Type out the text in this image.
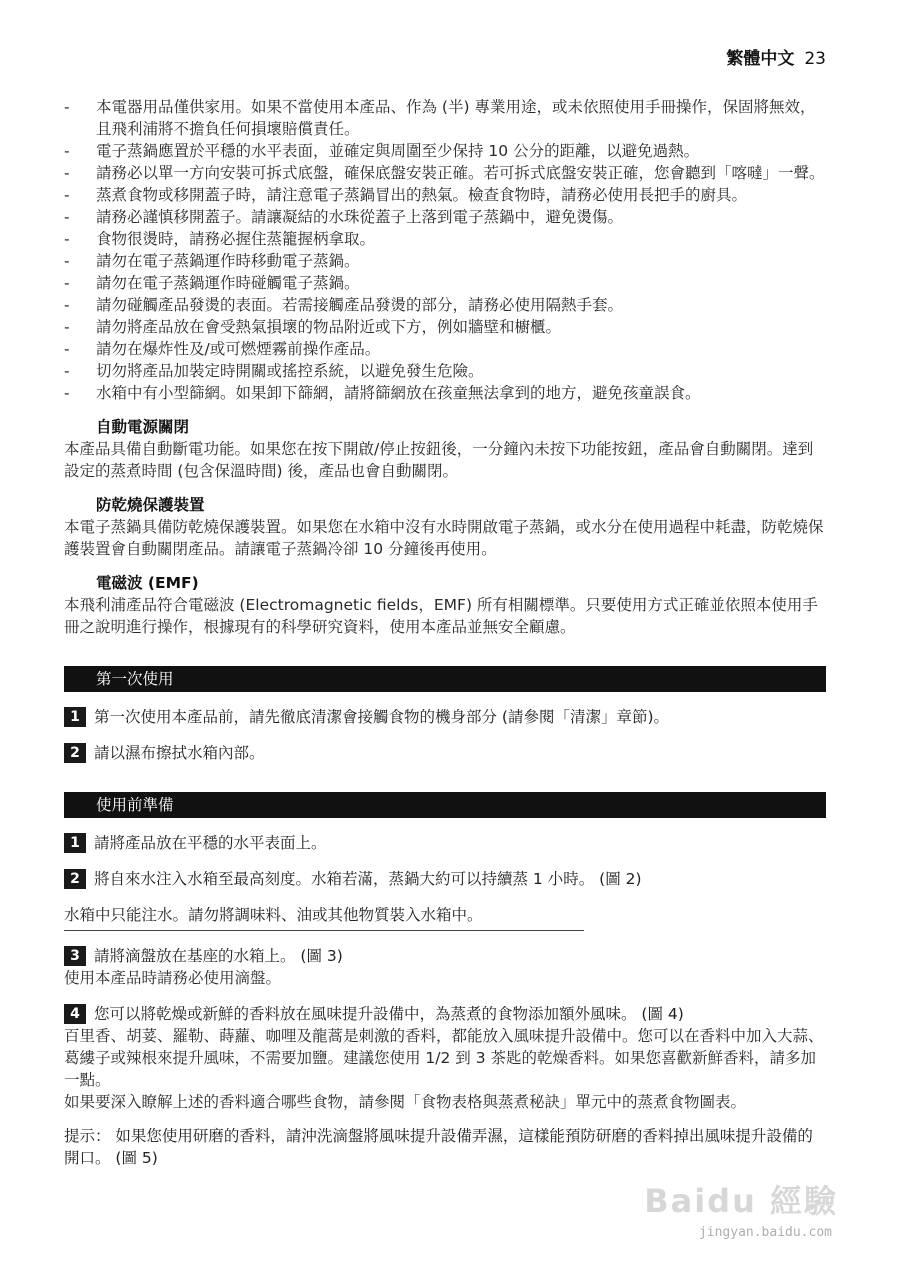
繁體中文 23
- 本電器用品僅供家用。如果不當使用本產品、作為 (半) 專業用途，或未依照使用手冊操作，保固將無效，且飛利浦將不擔負任何損壞賠償責任。
- 電子蒸鍋應置於平穩的水平表面，並確定與周圍至少保持 10 公分的距離，以避免過熱。
- 請務必以單一方向安裝可拆式底盤，確保底盤安裝正確。若可拆式底盤安裝正確，您會聽到「喀噠」一聲。
- 蒸煮食物或移開蓋子時，請注意電子蒸鍋冒出的熱氣。檢查食物時，請務必使用長把手的廚具。
- 請務必謹慎移開蓋子。請讓凝結的水珠從蓋子上落到電子蒸鍋中，避免燙傷。
- 食物很燙時，請務必握住蒸籠握柄拿取。
- 請勿在電子蒸鍋運作時移動電子蒸鍋。
- 請勿在電子蒸鍋運作時碰觸電子蒸鍋。
- 請勿碰觸產品發燙的表面。若需接觸產品發燙的部分，請務必使用隔熱手套。
- 請勿將產品放在會受熱氣損壞的物品附近或下方，例如牆壁和櫥櫃。
- 請勿在爆炸性及/或可燃煙霧前操作產品。
- 切勿將產品加裝定時開關或搖控系統，以避免發生危險。
- 水箱中有小型篩網。如果卸下篩網，請將篩網放在孩童無法拿到的地方，避免孩童誤食。
自動電源關閉

本產品具備自動斷電功能。如果您在按下開啟/停止按鈕後，一分鐘內未按下功能按鈕，產品會自動關閉。達到設定的蒸煮時間 (包含保溫時間) 後，產品也會自動關閉。

防乾燒保護裝置

本電子蒸鍋具備防乾燒保護裝置。如果您在水箱中沒有水時開啟電子蒸鍋，或水分在使用過程中耗盡，防乾燒保護裝置會自動關閉產品。請讓電子蒸鍋冷卻 10 分鐘後再使用。

電磁波 (EMF)

本飛利浦產品符合電磁波 (Electromagnetic fields，EMF) 所有相關標準。只要使用方式正確並依照本使用手冊之說明進行操作，根據現有的科學研究資料，使用本產品並無安全顧慮。

第一次使用
1 第一次使用本產品前，請先徹底清潔會接觸食物的機身部分 (請參閱「清潔」章節)。
2 請以濕布擦拭水箱內部。
使用前準備
1 請將產品放在平穩的水平表面上。
2 將自來水注入水箱至最高刻度。水箱若滿，蒸鍋大約可以持續蒸 1 小時。 (圖 2)
水箱中只能注水。請勿將調味料、油或其他物質裝入水箱中。
3 請將滴盤放在基座的水箱上。 (圖 3)

使用本產品時請務必使用滴盤。

4 您可以將乾燥或新鮮的香料放在風味提升設備中，為蒸煮的食物添加額外風味。 (圖 4)

百里香、胡荽、羅勒、蒔蘿、咖哩及龍蒿是刺激的香料，都能放入風味提升設備中。您可以在香料中加入大蒜、葛縷子或辣根來提升風味，不需要加鹽。建議您使用 1/2 到 3 茶匙的乾燥香料。如果您喜歡新鮮香料，請多加一點。

如果要深入瞭解上述的香料適合哪些食物，請參閱「食物表格與蒸煮秘訣」單元中的蒸煮食物圖表。

提示： 如果您使用研磨的香料，請沖洗滴盤將風味提升設備弄濕，這樣能預防研磨的香料掉出風味提升設備的開口。 (圖 5)
Baidu 經驗
jingyan.baidu.com
